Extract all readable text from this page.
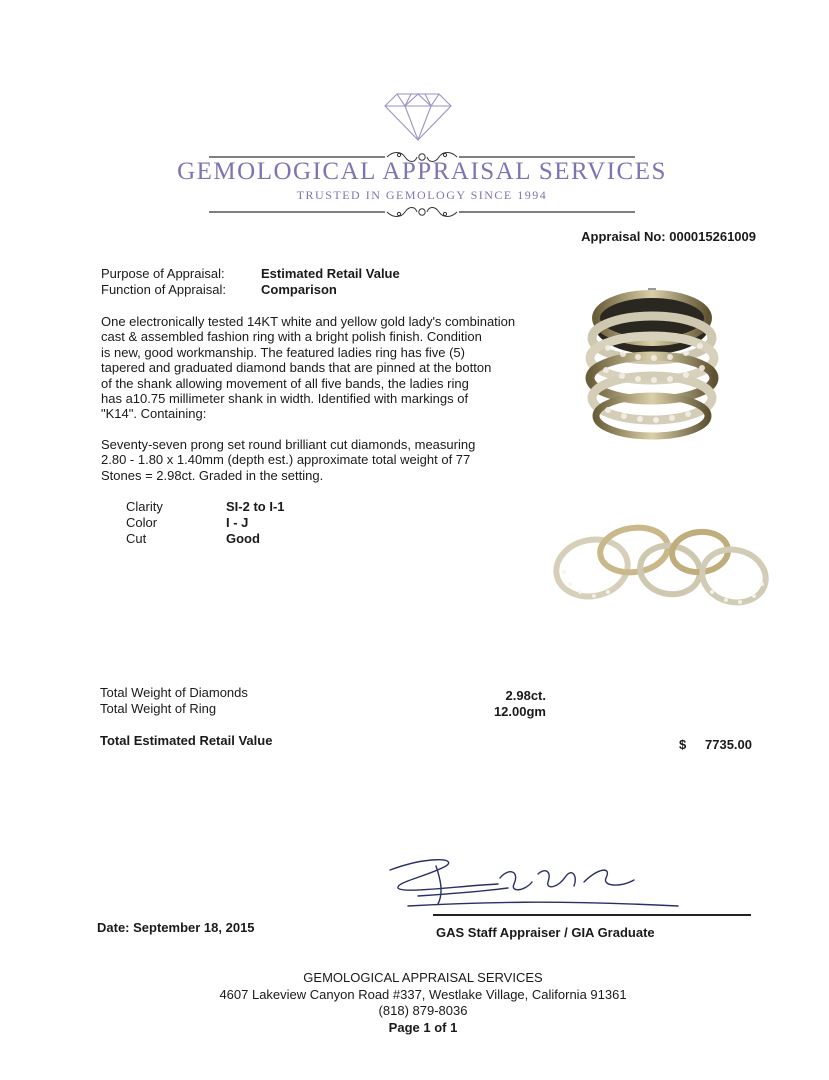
GEMOLOGICAL APPRAISAL SERVICES
TRUSTED IN GEMOLOGY SINCE 1994
Appraisal No: 000015261009
Purpose of Appraisal:	Estimated Retail Value
Function of Appraisal:	Comparison
One electronically tested 14KT white and yellow gold lady's combination
cast & assembled fashion ring with a bright polish finish. Condition
is new, good workmanship. The featured ladies ring has five (5)
tapered and graduated diamond bands that are pinned at the botton
of the shank allowing movement of all five bands, the ladies ring
has a10.75 millimeter shank in width. Identified with markings of
"K14". Containing:
Seventy-seven prong set round brilliant cut diamonds, measuring
2.80 - 1.80 x 1.40mm (depth est.) approximate total weight of 77
Stones = 2.98ct. Graded in the setting.
Clarity	SI-2 to I-1
Color	I - J
Cut	Good
Total Weight of Diamonds	2.98ct.
Total Weight of Ring	12.00gm
Total Estimated Retail Value	$	7735.00
Date: September 18, 2015	GAS Staff Appraiser / GIA Graduate
GEMOLOGICAL APPRAISAL SERVICES
4607 Lakeview Canyon Road #337, Westlake Village, California 91361
(818) 879-8036
Page 1 of 1
